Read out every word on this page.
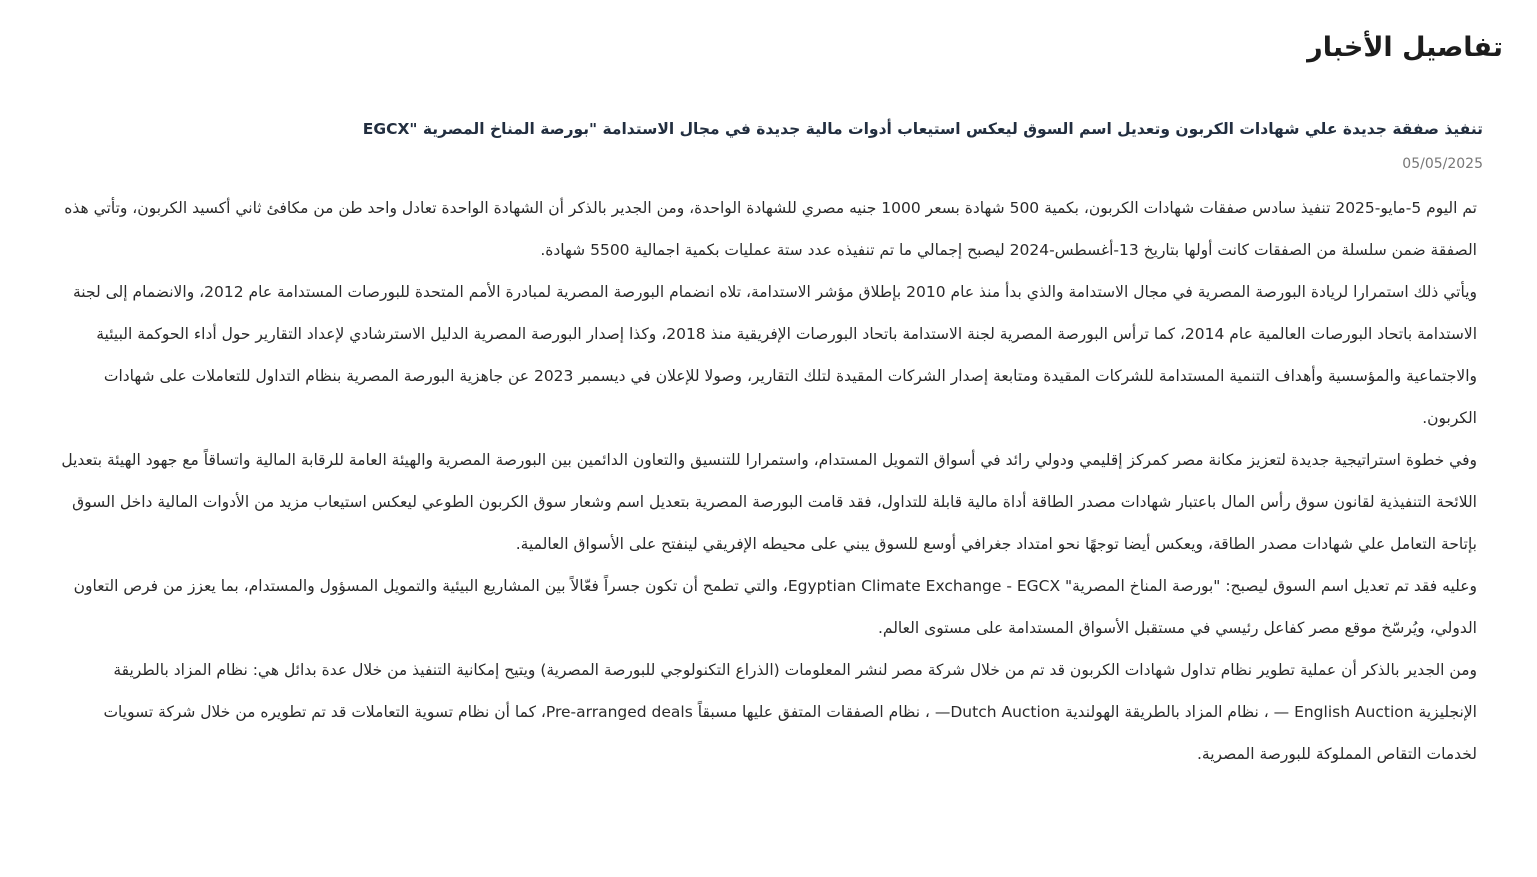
تفاصيل الأخبار
تنفيذ صفقة جديدة علي شهادات الكربون وتعديل اسم السوق ليعكس استيعاب أدوات مالية جديدة في مجال الاستدامة "بورصة المناخ المصرية "EGCX
05/05/2025

تم اليوم 5-مايو-2025 تنفيذ سادس صفقات شهادات الكربون، بكمية 500 شهادة بسعر 1000 جنيه مصري للشهادة الواحدة، ومن الجدير بالذكر أن الشهادة الواحدة تعادل واحد طن من مكافئ ثاني أكسيد الكربون، وتأتي هذه الصفقة ضمن سلسلة من الصفقات كانت أولها بتاريخ 13-أغسطس-2024 ليصبح إجمالي ما تم تنفيذه عدد ستة عمليات بكمية اجمالية 5500 شهادة.

ويأتي ذلك استمرارا لريادة البورصة المصرية في مجال الاستدامة والذي بدأ منذ عام 2010 بإطلاق مؤشر الاستدامة، تلاه انضمام البورصة المصرية لمبادرة الأمم المتحدة للبورصات المستدامة عام 2012، والانضمام إلى لجنة الاستدامة باتحاد البورصات العالمية عام 2014، كما ترأس البورصة المصرية لجنة الاستدامة باتحاد البورصات الإفريقية منذ 2018، وكذا إصدار البورصة المصرية الدليل الاسترشادي لإعداد التقارير حول أداء الحوكمة البيئية والاجتماعية والمؤسسية وأهداف التنمية المستدامة للشركات المقيدة ومتابعة إصدار الشركات المقيدة لتلك التقارير، وصولا للإعلان في ديسمبر 2023 عن جاهزية البورصة المصرية بنظام التداول للتعاملات على شهادات الكربون.

وفي خطوة استراتيجية جديدة لتعزيز مكانة مصر كمركز إقليمي ودولي رائد في أسواق التمويل المستدام، واستمرارا للتنسيق والتعاون الدائمين بين البورصة المصرية والهيئة العامة للرقابة المالية واتساقاً مع جهود الهيئة بتعديل اللائحة التنفيذية لقانون سوق رأس المال باعتبار شهادات مصدر الطاقة أداة مالية قابلة للتداول، فقد قامت البورصة المصرية بتعديل اسم وشعار سوق الكربون الطوعي ليعكس استيعاب مزيد من الأدوات المالية داخل السوق بإتاحة التعامل علي شهادات مصدر الطاقة، ويعكس أيضا توجهًا نحو امتداد جغرافي أوسع للسوق يبني على محيطه الإفريقي لينفتح على الأسواق العالمية.

وعليه فقد تم تعديل اسم السوق ليصبح: "بورصة المناخ المصرية" Egyptian Climate Exchange - EGCX، والتي تطمح أن تكون جسراً فعّالاً بين المشاريع البيئية والتمويل المسؤول والمستدام، بما يعزز من فرص التعاون الدولي، ويُرسّخ موقع مصر كفاعل رئيسي في مستقبل الأسواق المستدامة على مستوى العالم.

ومن الجدير بالذكر أن عملية تطوير نظام تداول شهادات الكربون قد تم من خلال شركة مصر لنشر المعلومات (الذراع التكنولوجي للبورصة المصرية) ويتيح إمكانية التنفيذ من خلال عدة بدائل هي: نظام المزاد بالطريقة الإنجليزية English Auction — ، نظام المزاد بالطريقة الهولندية Dutch Auction— ، نظام الصفقات المتفق عليها مسبقاً Pre-arranged deals، كما أن نظام تسوية التعاملات قد تم تطويره من خلال شركة تسويات لخدمات التقاص المملوكة للبورصة المصرية.
